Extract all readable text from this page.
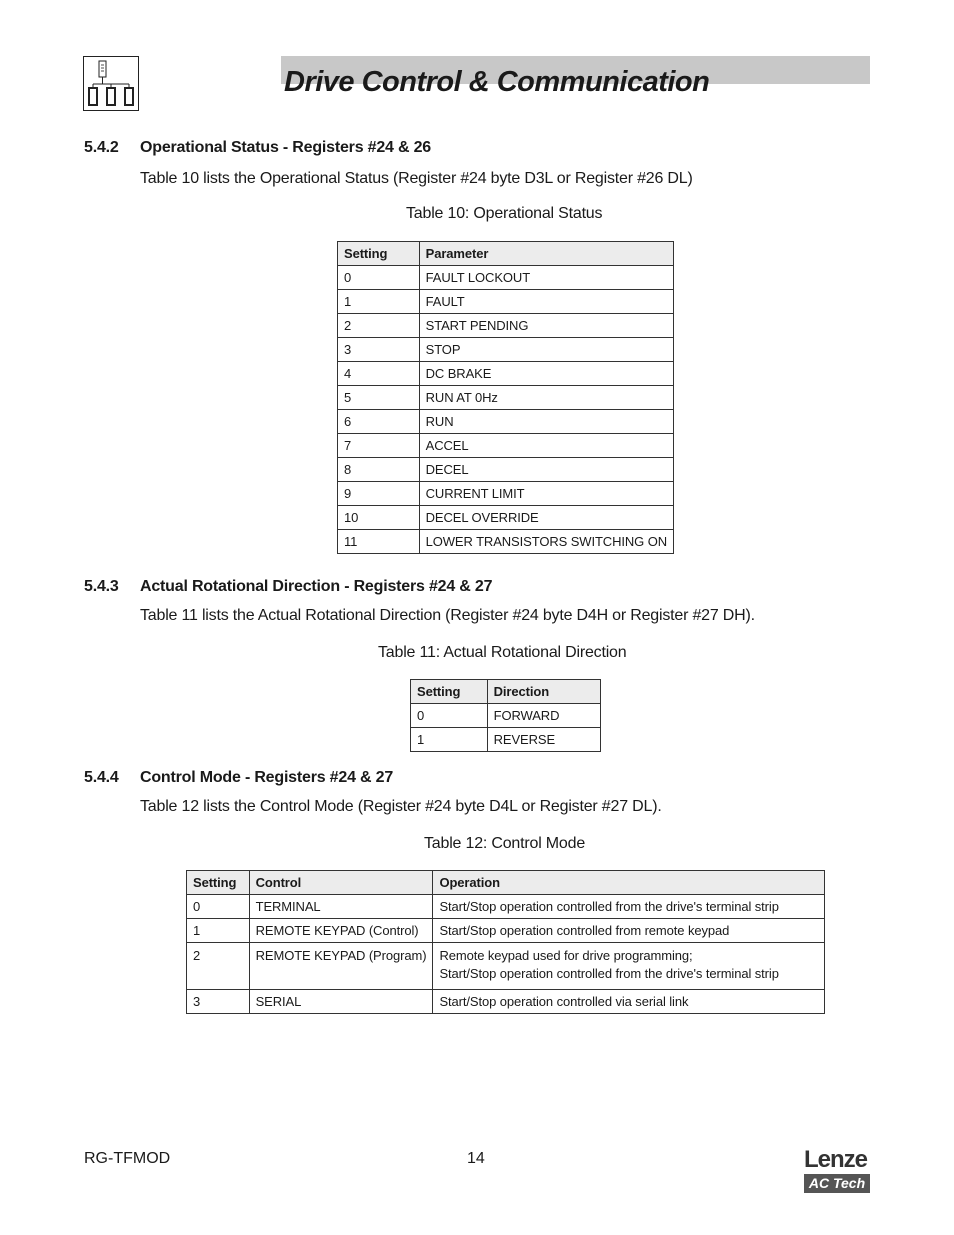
Drive Control & Communication
5.4.2 Operational Status - Registers #24 & 26
Table 10 lists the Operational Status (Register #24 byte D3L or Register #26 DL)
Table 10: Operational Status
Setting	Parameter
0	FAULT LOCKOUT
1	FAULT
2	START PENDING
3	STOP
4	DC BRAKE
5	RUN AT 0Hz
6	RUN
7	ACCEL
8	DECEL
9	CURRENT LIMIT
10	DECEL OVERRIDE
11	LOWER TRANSISTORS SWITCHING ON
5.4.3 Actual Rotational Direction - Registers #24 & 27
Table 11 lists the Actual Rotational Direction (Register #24 byte D4H or Register #27 DH).
Table 11: Actual Rotational Direction
Setting	Direction
0	FORWARD
1	REVERSE
5.4.4 Control Mode - Registers #24 & 27
Table 12 lists the Control Mode (Register #24 byte D4L or Register #27 DL).
Table 12: Control Mode
Setting	Control	Operation
0	TERMINAL	Start/Stop operation controlled from the drive's terminal strip
1	REMOTE KEYPAD (Control)	Start/Stop operation controlled from remote keypad
2	REMOTE KEYPAD (Program)	Remote keypad used for drive programming;
Start/Stop operation controlled from the drive's terminal strip

3	SERIAL	Start/Stop operation controlled via serial link
RG-TFMOD	14	Lenze
AC Tech
